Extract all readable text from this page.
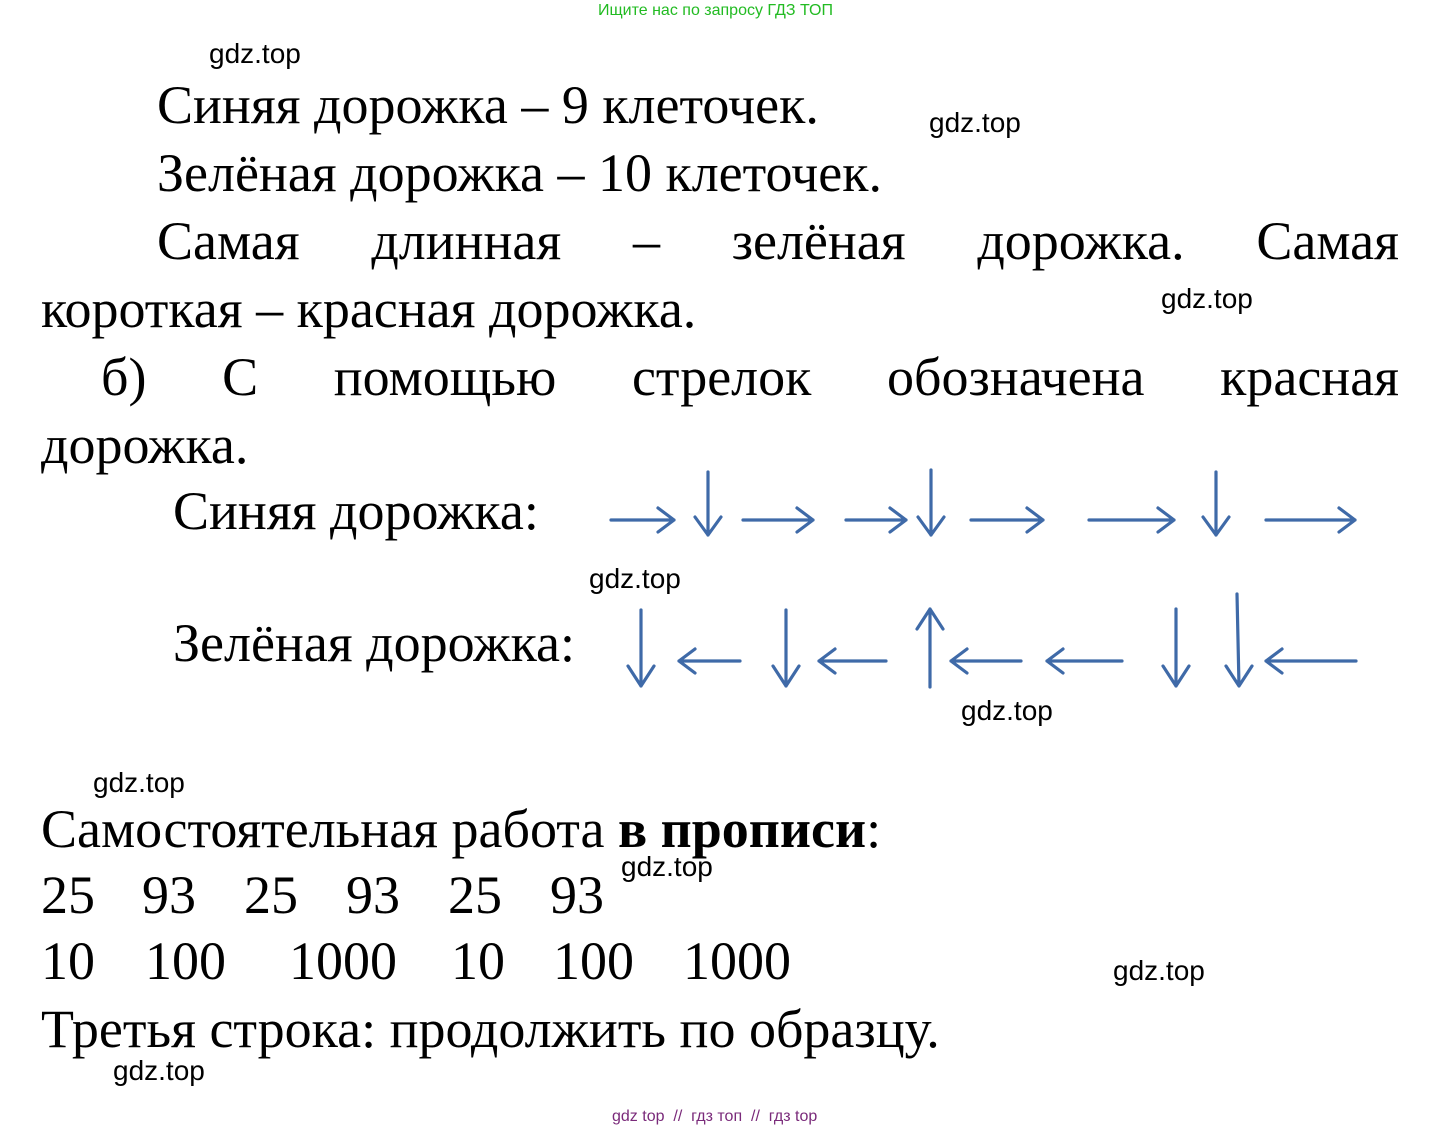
Ищите нас по запросу ГДЗ ТОП
gdz.top
gdz.top
gdz.top
gdz.top
gdz.top
gdz.top
gdz.top
gdz.top
gdz.top
Синяя дорожка – 9 клеточек.
Зелёная дорожка – 10 клеточек.
Самая длинная – зелёная дорожка. Самая
короткая – красная дорожка.
б) С помощью стрелок обозначена красная
дорожка.
Синяя дорожка:
Зелёная дорожка:
Самостоятельная работа в прописи:
25 93 25 93 25 93
10 100 1000 10 100 1000
Третья строка: продолжить по образцу.
gdz top  //  гдз топ  //  гдз top
